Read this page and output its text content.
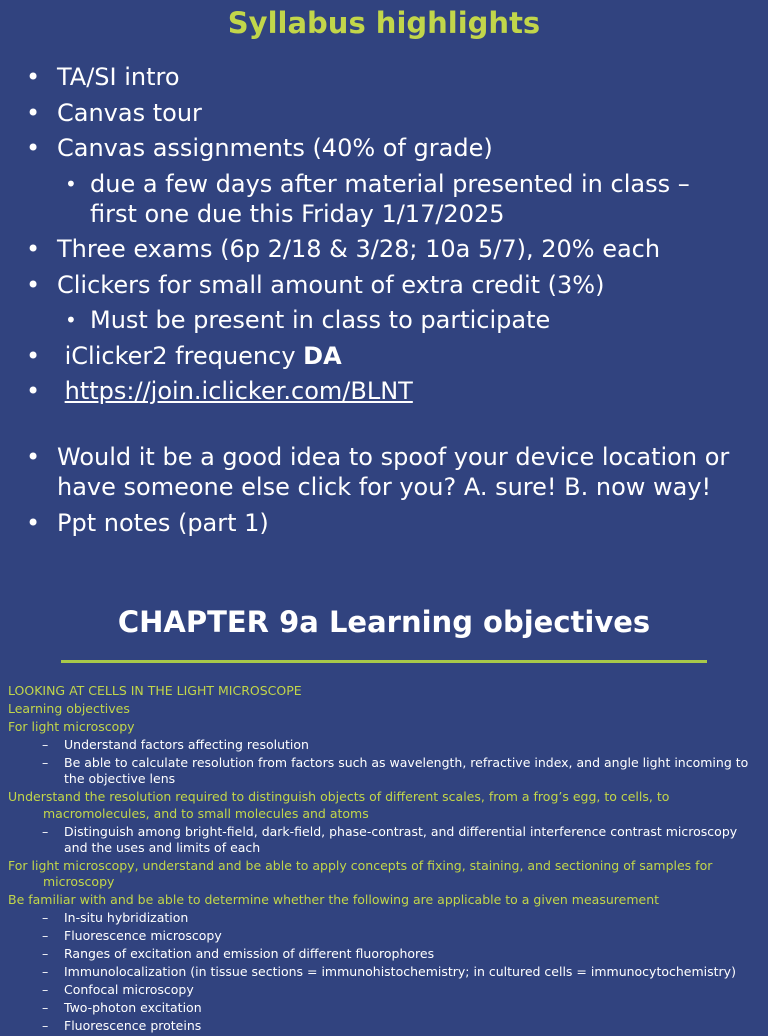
Syllabus highlights
• TA/SI intro
• Canvas tour
• Canvas assignments (40% of grade)
• due a few days after material presented in class – first one due this Friday 1/17/2025
• Three exams (6p 2/18 & 3/28; 10a 5/7), 20% each
• Clickers for small amount of extra credit (3%)
• Must be present in class to participate
•  iClicker2 frequency DA
• https://join.iclicker.com/BLNT
• Would it be a good idea to spoof your device location or have someone else click for you? A. sure! B. now way!
• Ppt notes (part 1)
CHAPTER 9a Learning objectives
LOOKING AT CELLS IN THE LIGHT MICROSCOPE
Learning objectives
For light microscopy
– Understand factors affecting resolution
– Be able to calculate resolution from factors such as wavelength, refractive index, and angle light incoming to the objective lens
Understand the resolution required to distinguish objects of different scales, from a frog’s egg, to cells, to
macromolecules, and to small molecules and atoms
– Distinguish among bright-field, dark-field, phase-contrast, and differential interference contrast microscopy and the uses and limits of each
For light microscopy, understand and be able to apply concepts of fixing, staining, and sectioning of samples for
microscopy
Be familiar with and be able to determine whether the following are applicable to a given measurement
– In-situ hybridization
– Fluorescence microscopy
– Ranges of excitation and emission of different fluorophores
– Immunolocalization (in tissue sections = immunohistochemistry; in cultured cells = immunocytochemistry)
– Confocal microscopy
– Two-photon excitation
– Fluorescence proteins
